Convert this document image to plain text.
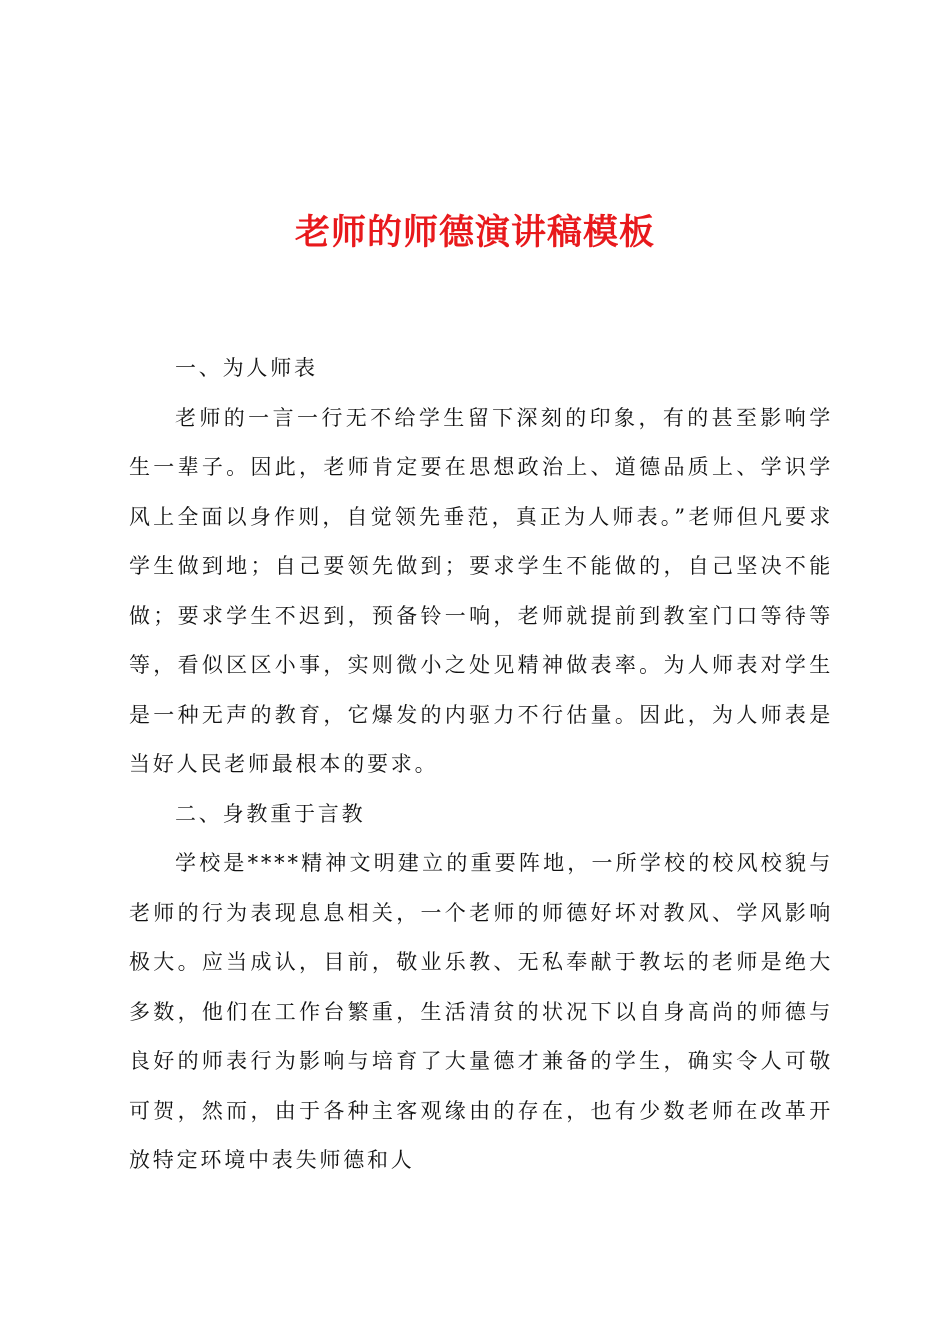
老师的师德演讲稿模板

一、为人师表

老师的一言一行无不给学生留下深刻的印象，有的甚至影响学生一辈子。因此，老师肯定要在思想政治上、道德品质上、学识学风上全面以身作则，自觉领先垂范，真正为人师表。”老师但凡要求学生做到地；自己要领先做到；要求学生不能做的，自己坚决不能做；要求学生不迟到，预备铃一响，老师就提前到教室门口等待等等，看似区区小事，实则微小之处见精神做表率。为人师表对学生是一种无声的教育，它爆发的内驱力不行估量。因此，为人师表是当好人民老师最根本的要求。

二、身教重于言教

学校是****精神文明建立的重要阵地，一所学校的校风校貌与老师的行为表现息息相关，一个老师的师德好坏对教风、学风影响极大。应当成认，目前，敬业乐教、无私奉献于教坛的老师是绝大多数，他们在工作台繁重，生活清贫的状况下以自身高尚的师德与良好的师表行为影响与培育了大量德才兼备的学生，确实令人可敬可贺，然而，由于各种主客观缘由的存在，也有少数老师在改革开放特定环境中表失师德和人
